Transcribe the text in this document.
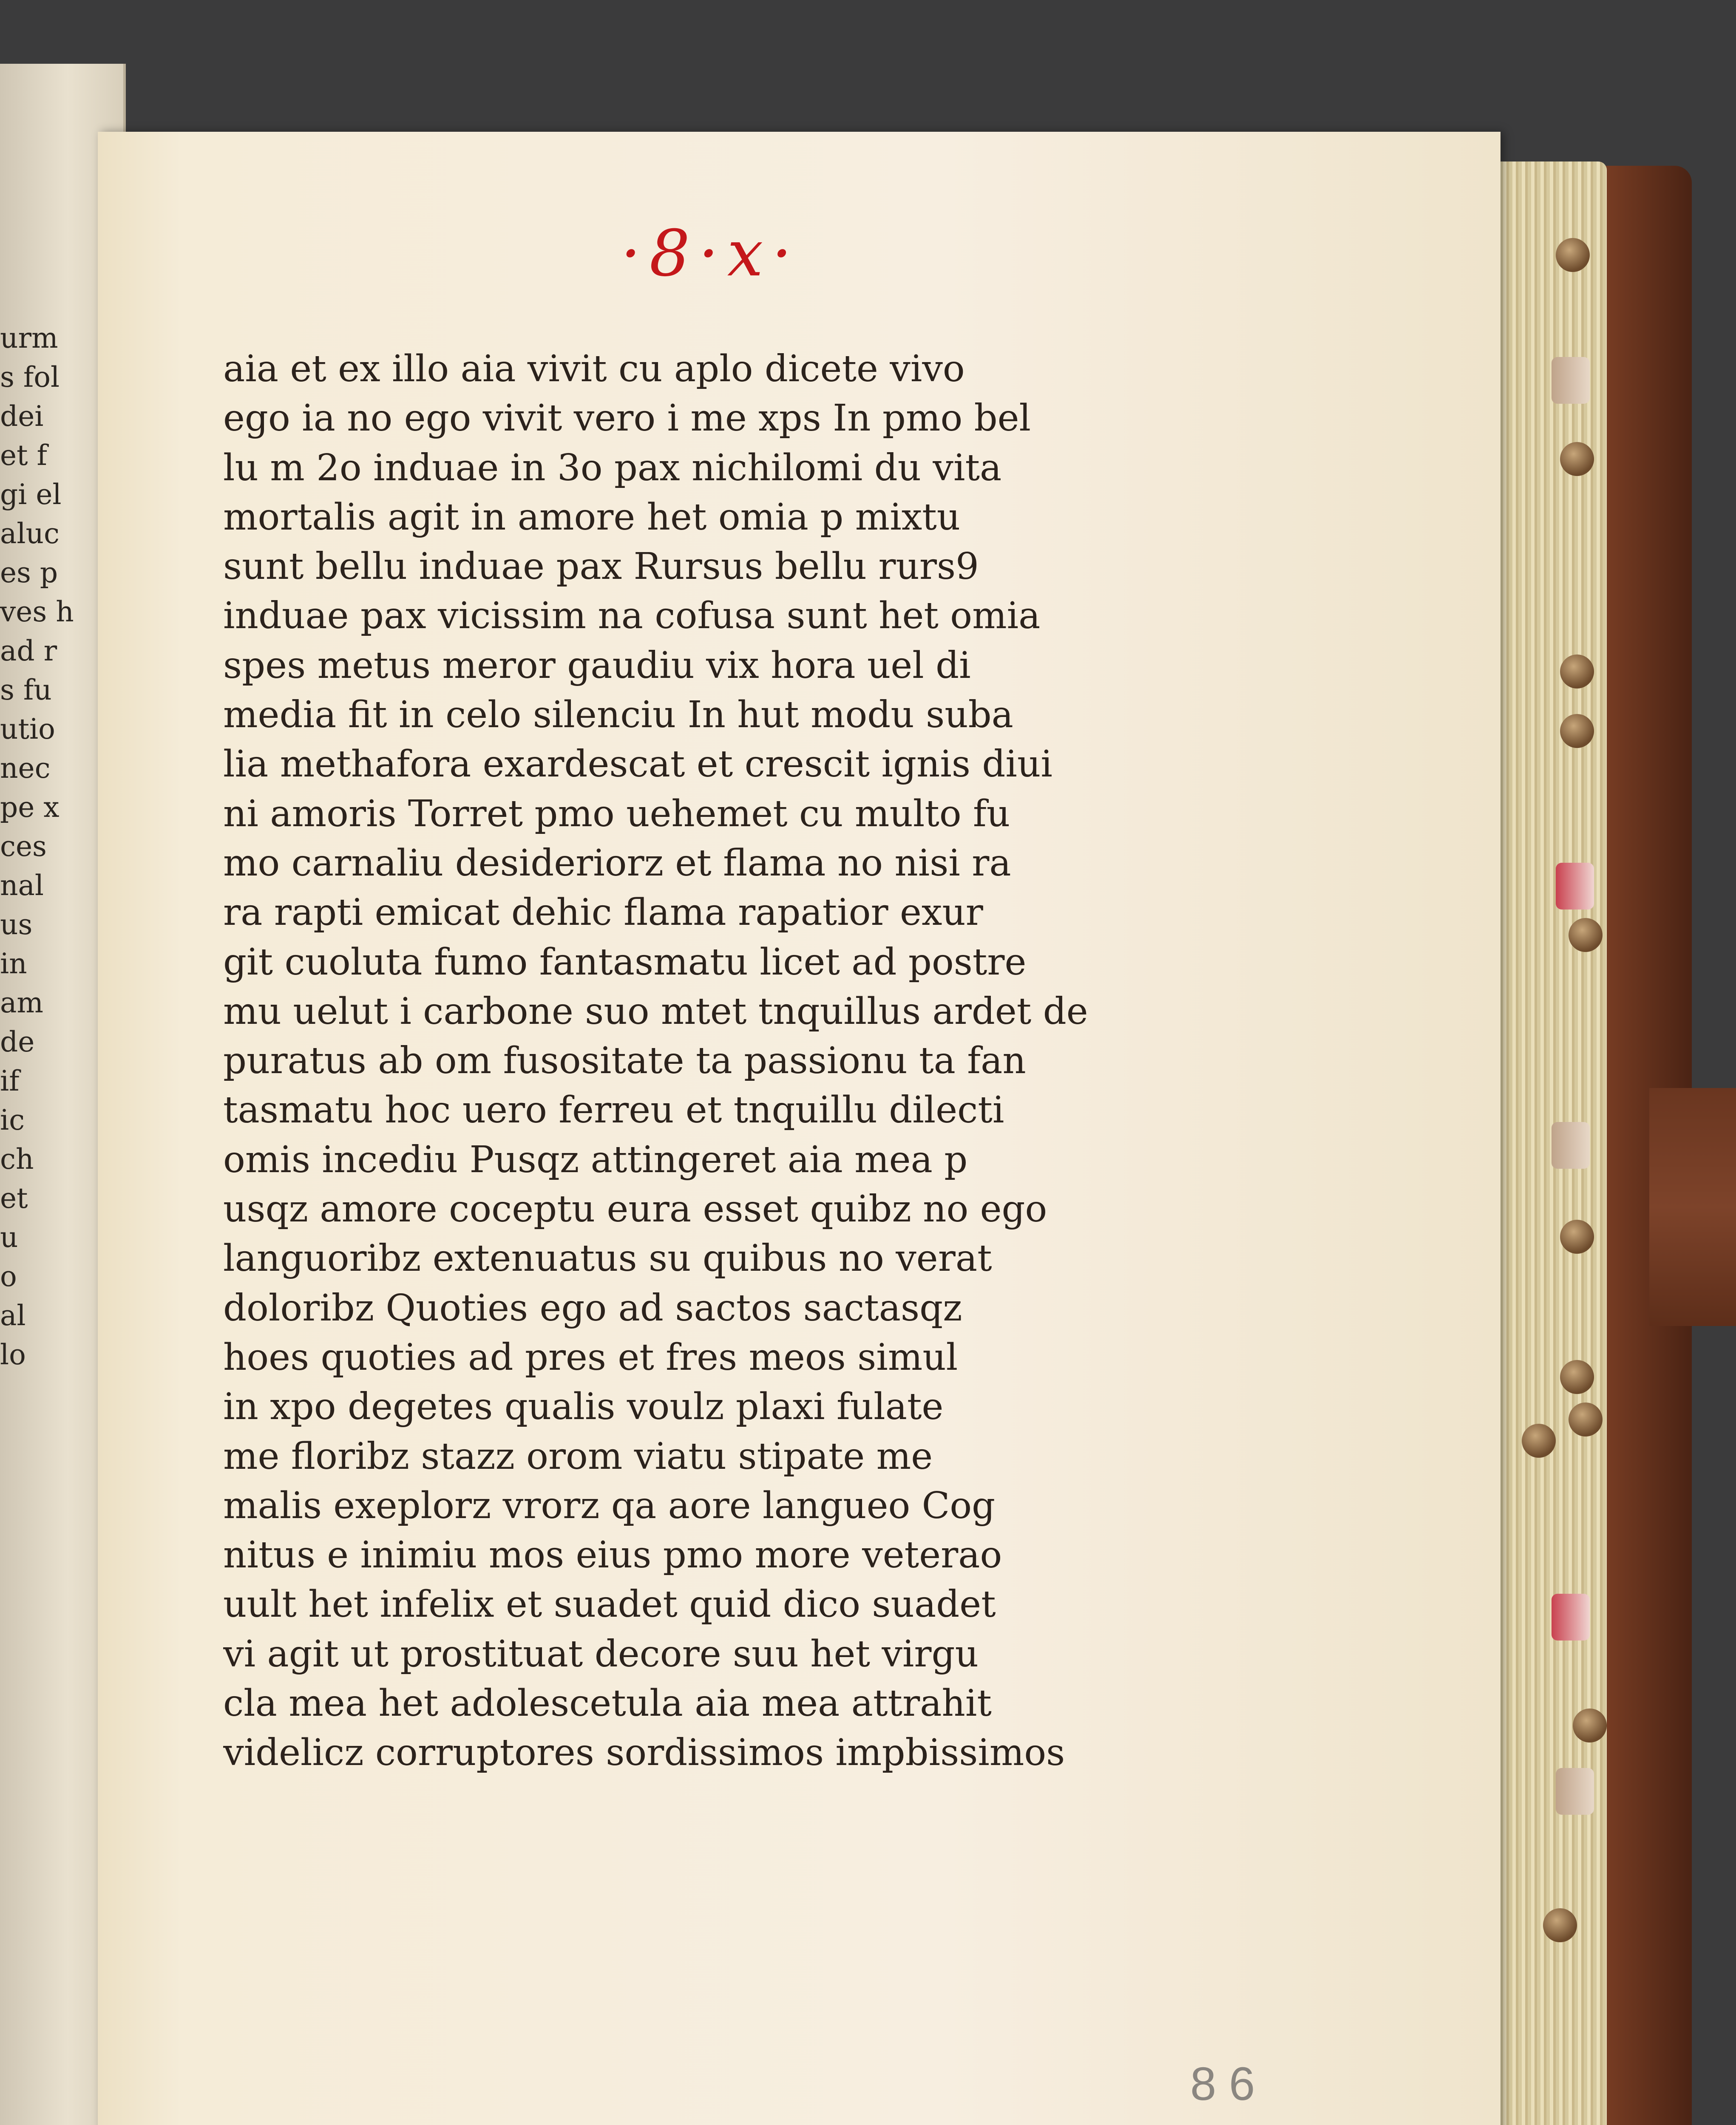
urm
s fol
dei
et f
gi el
aluc
es p
ves h
ad r
s fu
utio
nec
pe x
ces
nal
us
in
am
de
if
ic
ch
et
u
o
al
lo
·8·x·
aia et ex illo aia vivit cu aplo dicete vivo
ego ia no ego vivit vero i me xps In pmo bel
lu m 2o induae in 3o pax nichilomi du vita
mortalis agit in amore het omia p mixtu
sunt bellu induae pax Rursus bellu rurs9
induae pax vicissim na cofusa sunt het omia
spes metus meror gaudiu vix hora uel di
media fit in celo silenciu In hut modu suba
lia methafora exardescat et crescit ignis diui
ni amoris Torret pmo uehemet cu multo fu
mo carnaliu desideriorz et flama no nisi ra
ra rapti emicat dehic flama rapatior exur
git cuoluta fumo fantasmatu licet ad postre
mu uelut i carbone suo mtet tnquillus ardet de
puratus ab om fusositate ta passionu ta fan
tasmatu hoc uero ferreu et tnquillu dilecti
omis incediu Pusqz attingeret aia mea p
usqz amore coceptu eura esset quibz no ego
languoribz extenuatus su quibus no verat
doloribz Quoties ego ad sactos sactasqz
hoes quoties ad pres et fres meos simul
in xpo degetes qualis voulz plaxi fulate
me floribz stazz orom viatu stipate me
malis exeplorz vrorz qa aore langueo Cog
nitus e inimiu mos eius pmo more veterao
uult het infelix et suadet quid dico suadet
vi agit ut prostituat decore suu het virgu
cla mea het adolescetula aia mea attrahit
videlicz corruptores sordissimos impbissimos
86
